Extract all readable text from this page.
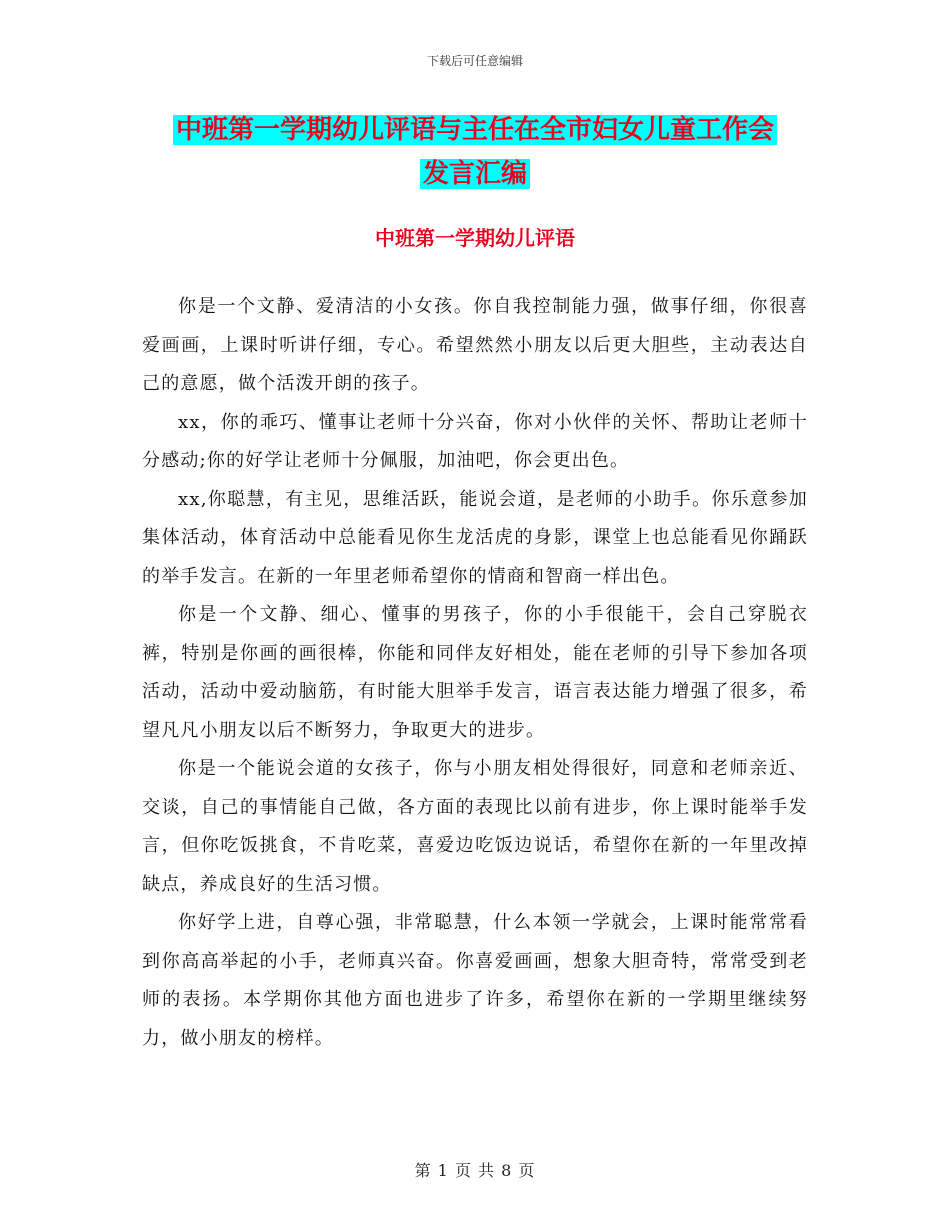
下载后可任意编辑
中班第一学期幼儿评语与主任在全市妇女儿童工作会
发言汇编
中班第一学期幼儿评语

你是一个文静、爱清洁的小女孩。你自我控制能力强，做事仔细，你很喜爱画画，上课时听讲仔细，专心。希望然然小朋友以后更大胆些，主动表达自己的意愿，做个活泼开朗的孩子。

xx，你的乖巧、懂事让老师十分兴奋，你对小伙伴的关怀、帮助让老师十分感动;你的好学让老师十分佩服，加油吧，你会更出色。

xx,你聪慧，有主见，思维活跃，能说会道，是老师的小助手。你乐意参加集体活动，体育活动中总能看见你生龙活虎的身影，课堂上也总能看见你踊跃的举手发言。在新的一年里老师希望你的情商和智商一样出色。

你是一个文静、细心、懂事的男孩子，你的小手很能干，会自己穿脱衣裤，特别是你画的画很棒，你能和同伴友好相处，能在老师的引导下参加各项活动，活动中爱动脑筋，有时能大胆举手发言，语言表达能力增强了很多，希望凡凡小朋友以后不断努力，争取更大的进步。

你是一个能说会道的女孩子，你与小朋友相处得很好，同意和老师亲近、交谈，自己的事情能自己做，各方面的表现比以前有进步，你上课时能举手发言，但你吃饭挑食，不肯吃菜，喜爱边吃饭边说话，希望你在新的一年里改掉缺点，养成良好的生活习惯。

你好学上进，自尊心强，非常聪慧，什么本领一学就会，上课时能常常看到你高高举起的小手，老师真兴奋。你喜爱画画，想象大胆奇特，常常受到老师的表扬。本学期你其他方面也进步了许多，希望你在新的一学期里继续努力，做小朋友的榜样。

第 1 页 共 8 页
